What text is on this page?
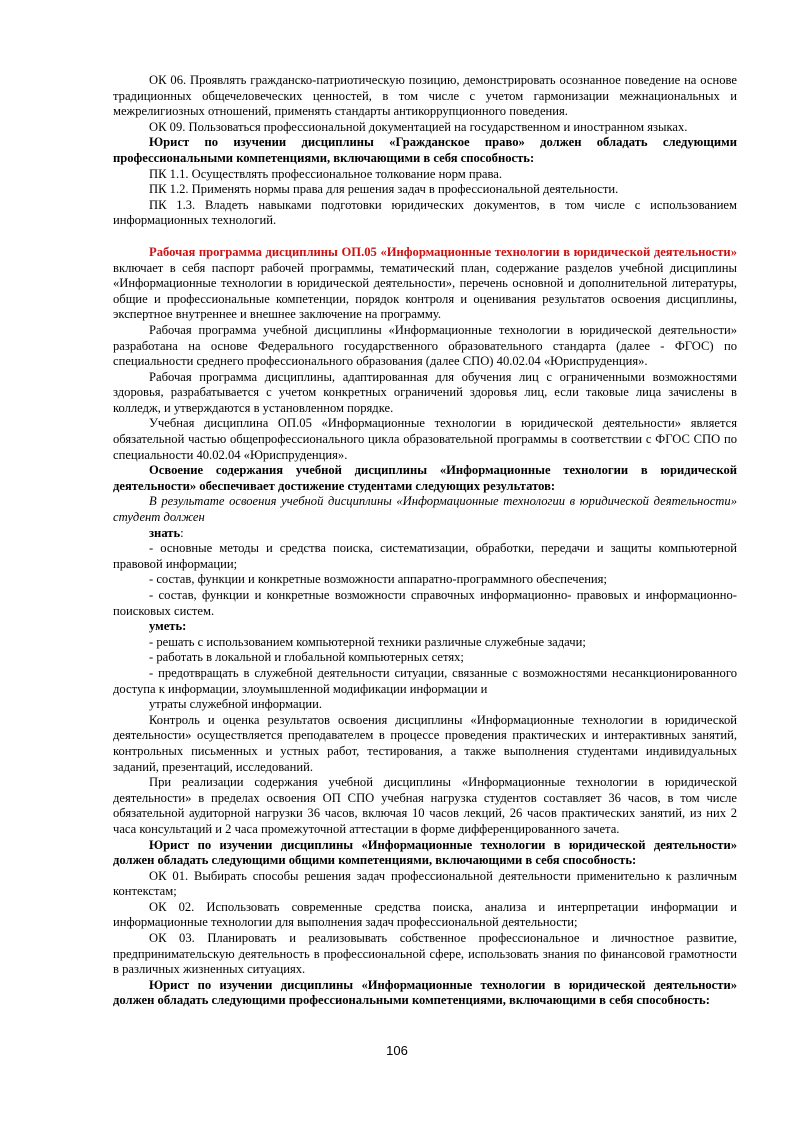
ОК 06. Проявлять гражданско-патриотическую позицию, демонстрировать осознанное поведение на основе традиционных общечеловеческих ценностей, в том числе с учетом гармонизации межнациональных и межрелигиозных отношений, применять стандарты антикоррупционного поведения.

ОК 09. Пользоваться профессиональной документацией на государственном и иностранном языках.

Юрист по изучении дисциплины «Гражданское право» должен обладать следующими профессиональными компетенциями, включающими в себя способность:

ПК 1.1. Осуществлять профессиональное толкование норм права.

ПК 1.2. Применять нормы права для решения задач в профессиональной деятельности.

ПК 1.3. Владеть навыками подготовки юридических документов, в том числе с использованием информационных технологий.

Рабочая программа дисциплины ОП.05 «Информационные технологии в юридической деятельности» включает в себя паспорт рабочей программы, тематический план, содержание разделов учебной дисциплины «Информационные технологии в юридической деятельности», перечень основной и дополнительной литературы, общие и профессиональные компетенции, порядок контроля и оценивания результатов освоения дисциплины, экспертное внутреннее и внешнее заключение на программу.

Рабочая программа учебной дисциплины «Информационные технологии в юридической деятельности» разработана на основе Федерального государственного образовательного стандарта (далее - ФГОС) по специальности среднего профессионального образования (далее СПО) 40.02.04 «Юриспруденция».

Рабочая программа дисциплины, адаптированная для обучения лиц с ограниченными возможностями здоровья, разрабатывается с учетом конкретных ограничений здоровья лиц, если таковые лица зачислены в колледж, и утверждаются в установленном порядке.

Учебная дисциплина ОП.05 «Информационные технологии в юридической деятельности» является обязательной частью общепрофессионального цикла образовательной программы в соответствии с ФГОС СПО по специальности 40.02.04 «Юриспруденция».

Освоение содержания учебной дисциплины «Информационные технологии в юридической деятельности» обеспечивает достижение студентами следующих результатов:

В результате освоения учебной дисциплины «Информационные технологии в юридической деятельности» студент должен

знать:

- основные методы и средства поиска, систематизации, обработки, передачи и защиты компьютерной правовой информации;

- состав, функции и конкретные возможности аппаратно-программного обеспечения;

- состав, функции и конкретные возможности справочных информационно- правовых и информационно-поисковых систем.

уметь:

- решать с использованием компьютерной техники различные служебные задачи;

- работать в локальной и глобальной компьютерных сетях;

- предотвращать в служебной деятельности ситуации, связанные с возможностями несанкционированного доступа к информации, злоумышленной модификации информации и

утраты служебной информации.

Контроль и оценка результатов освоения дисциплины «Информационные технологии в юридической деятельности» осуществляется преподавателем в процессе проведения практических и интерактивных занятий, контрольных письменных и устных работ, тестирования, а также выполнения студентами индивидуальных заданий, презентаций, исследований.

При реализации содержания учебной дисциплины «Информационные технологии в юридической деятельности» в пределах освоения ОП СПО учебная нагрузка студентов составляет 36 часов, в том числе обязательной аудиторной нагрузки 36 часов, включая 10 часов лекций, 26 часов практических занятий, из них 2 часа консультаций и 2 часа промежуточной аттестации в форме дифференцированного зачета.

Юрист по изучении дисциплины «Информационные технологии в юридической деятельности» должен обладать следующими общими компетенциями, включающими в себя способность:

ОК 01. Выбирать способы решения задач профессиональной деятельности применительно к различным контекстам;

ОК 02. Использовать современные средства поиска, анализа и интерпретации информации и информационные технологии для выполнения задач профессиональной деятельности;

ОК 03. Планировать и реализовывать собственное профессиональное и личностное развитие, предпринимательскую деятельность в профессиональной сфере, использовать знания по финансовой грамотности в различных жизненных ситуациях.

Юрист по изучении дисциплины «Информационные технологии в юридической деятельности» должен обладать следующими профессиональными компетенциями, включающими в себя способность:

106
